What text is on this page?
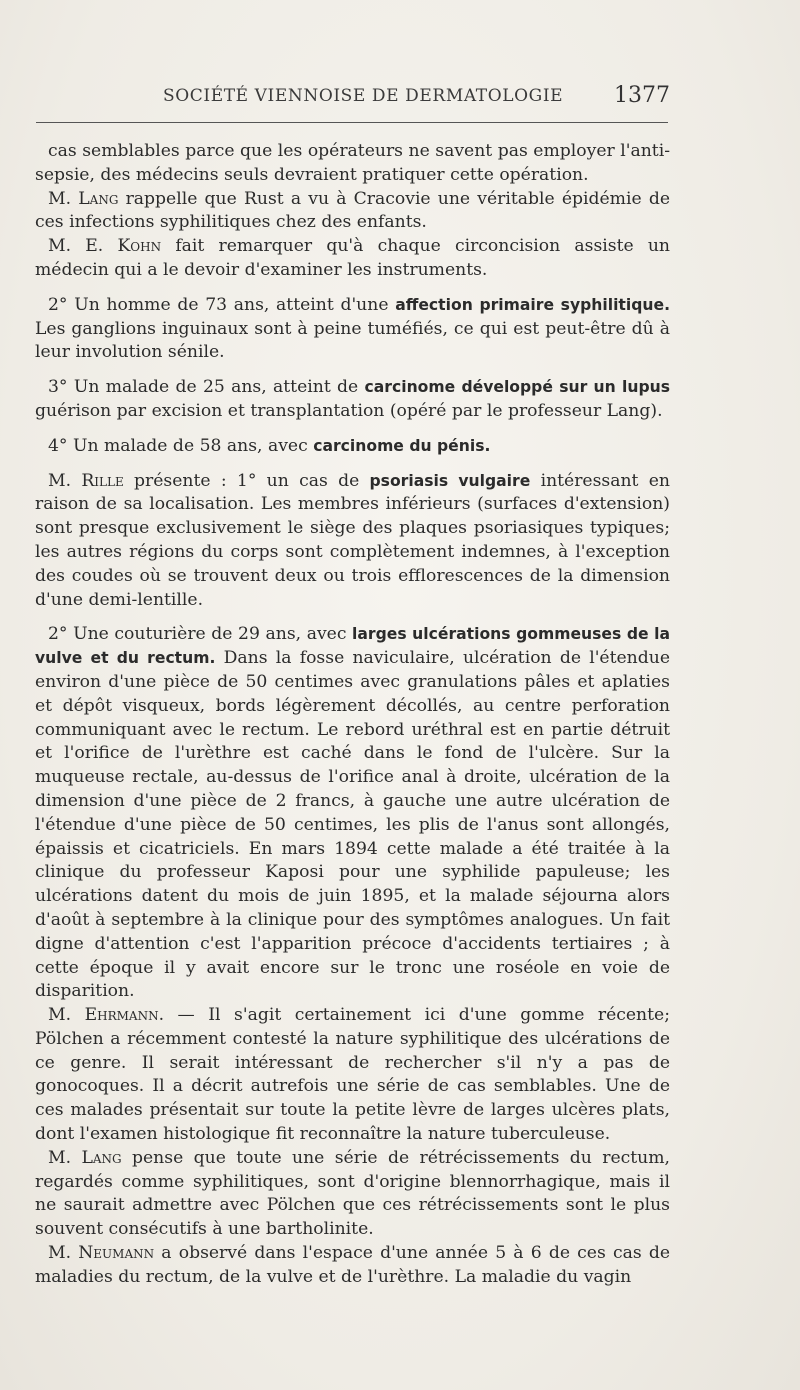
SOCIÉTÉ VIENNOISE DE DERMATOLOGIE 1377

cas semblables parce que les opérateurs ne savent pas employer l'anti-sepsie, des médecins seuls devraient pratiquer cette opération.

M. Lang rappelle que Rust a vu à Cracovie une véritable épidémie de ces infections syphilitiques chez des enfants.

M. E. Kohn fait remarquer qu'à chaque circoncision assiste un médecin qui a le devoir d'examiner les instruments.

2° Un homme de 73 ans, atteint d'une affection primaire syphilitique. Les ganglions inguinaux sont à peine tuméfiés, ce qui est peut-être dû à leur involution sénile.

3° Un malade de 25 ans, atteint de carcinome développé sur un lupus guérison par excision et transplantation (opéré par le professeur Lang).

4° Un malade de 58 ans, avec carcinome du pénis.

M. Rille présente : 1° un cas de psoriasis vulgaire intéressant en raison de sa localisation. Les membres inférieurs (surfaces d'extension) sont presque exclusivement le siège des plaques psoriasiques typiques; les autres régions du corps sont complètement indemnes, à l'exception des coudes où se trouvent deux ou trois efflorescences de la dimension d'une demi-lentille.

2° Une couturière de 29 ans, avec larges ulcérations gommeuses de la vulve et du rectum. Dans la fosse naviculaire, ulcération de l'étendue environ d'une pièce de 50 centimes avec granulations pâles et aplaties et dépôt visqueux, bords légèrement décollés, au centre perforation communiquant avec le rectum. Le rebord uréthral est en partie détruit et l'orifice de l'urèthre est caché dans le fond de l'ulcère. Sur la muqueuse rectale, au-dessus de l'orifice anal à droite, ulcération de la dimension d'une pièce de 2 francs, à gauche une autre ulcération de l'étendue d'une pièce de 50 centimes, les plis de l'anus sont allongés, épaissis et cicatriciels. En mars 1894 cette malade a été traitée à la clinique du professeur Kaposi pour une syphilide papuleuse; les ulcérations datent du mois de juin 1895, et la malade séjourna alors d'août à septembre à la clinique pour des symptômes analogues. Un fait digne d'attention c'est l'apparition précoce d'accidents tertiaires ; à cette époque il y avait encore sur le tronc une roséole en voie de disparition.

M. Ehrmann. — Il s'agit certainement ici d'une gomme récente; Pölchen a récemment contesté la nature syphilitique des ulcérations de ce genre. Il serait intéressant de rechercher s'il n'y a pas de gonocoques. Il a décrit autrefois une série de cas semblables. Une de ces malades présentait sur toute la petite lèvre de larges ulcères plats, dont l'examen histologique fit reconnaître la nature tuberculeuse.

M. Lang pense que toute une série de rétrécissements du rectum, regardés comme syphilitiques, sont d'origine blennorrhagique, mais il ne saurait admettre avec Pölchen que ces rétrécissements sont le plus souvent consécutifs à une bartholinite.

M. Neumann a observé dans l'espace d'une année 5 à 6 de ces cas de maladies du rectum, de la vulve et de l'urèthre. La maladie du vagin
